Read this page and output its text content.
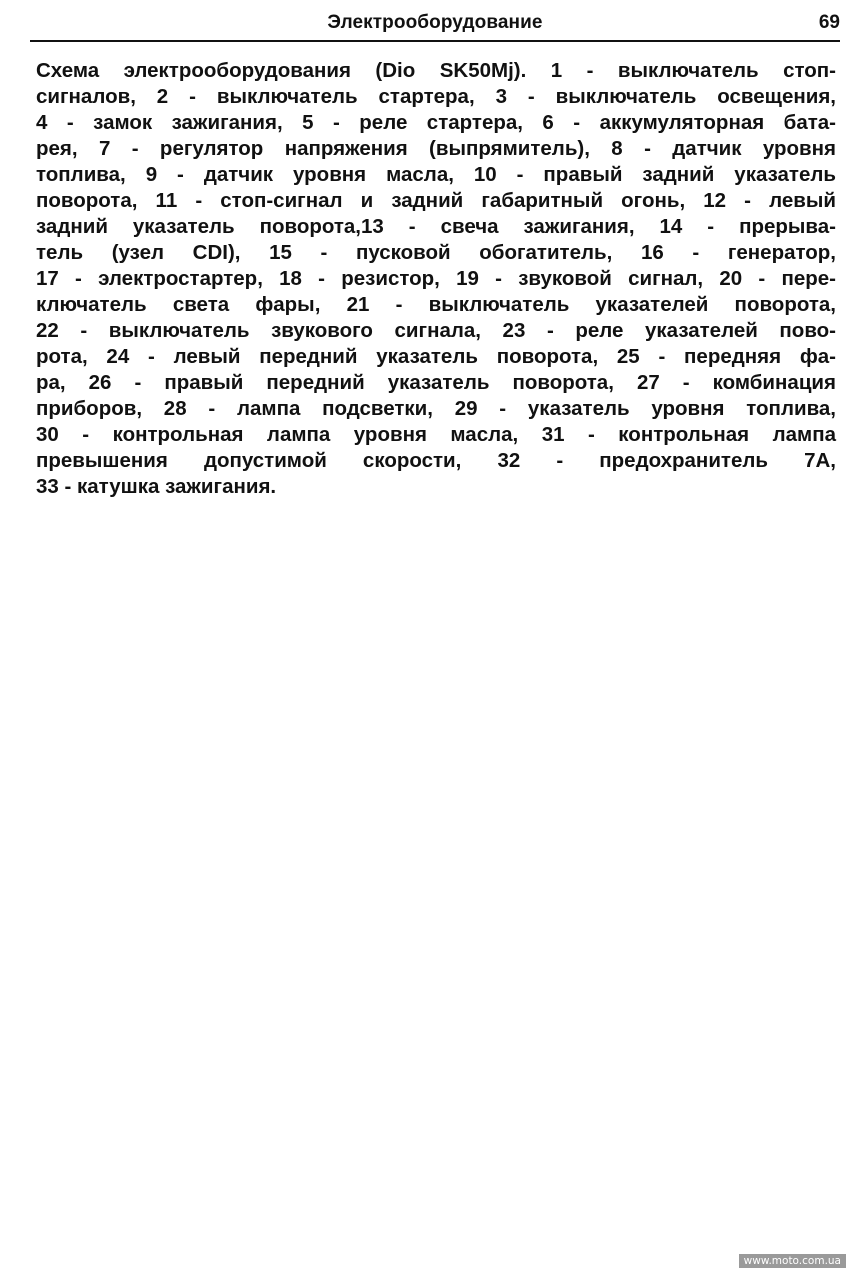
Электрооборудование	69

Схема электрооборудования (Dio SK50Mj). 1 - выключатель стоп-
сигналов, 2 - выключатель стартера, 3 - выключатель освещения,
4 - замок зажигания, 5 - реле стартера, 6 - аккумуляторная бата-
рея, 7 - регулятор напряжения (выпрямитель), 8 - датчик уровня
топлива, 9 - датчик уровня масла, 10 - правый задний указатель
поворота, 11 - стоп-сигнал и задний габаритный огонь, 12 - левый
задний указатель поворота,13 - свеча зажигания, 14 - прерыва-
тель (узел CDI), 15 - пусковой обогатитель, 16 - генератор,
17 - электростартер, 18 - резистор, 19 - звуковой сигнал, 20 - пере-
ключатель света фары, 21 - выключатель указателей поворота,
22 - выключатель звукового сигнала, 23 - реле указателей пово-
рота, 24 - левый передний указатель поворота, 25 - передняя фа-
ра, 26 - правый передний указатель поворота, 27 - комбинация
приборов, 28 - лампа подсветки, 29 - указатель уровня топлива,
30 - контрольная лампа уровня масла, 31 - контрольная лампа
превышения допустимой скорости, 32 - предохранитель 7А,
33 - катушка зажигания.

www.moto.com.ua
